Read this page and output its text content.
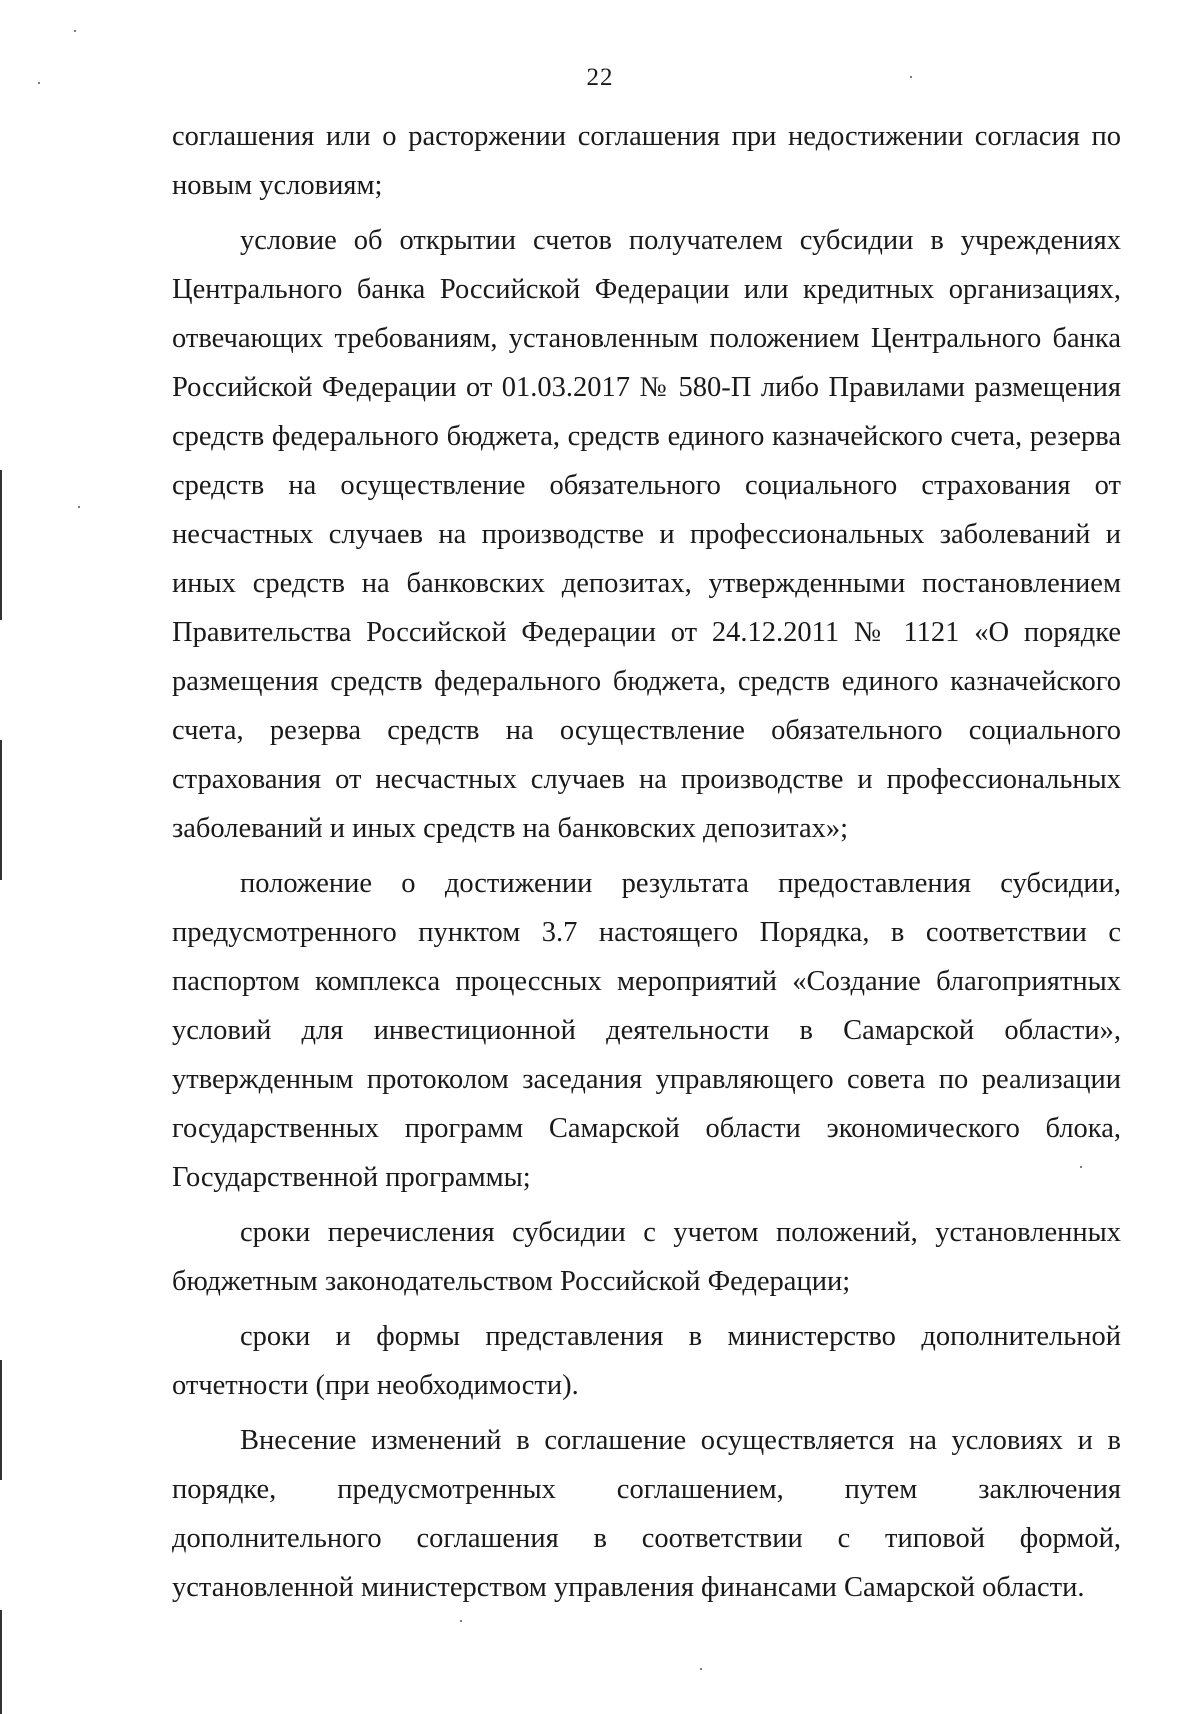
22

соглашения или о расторжении соглашения при недостижении согласия по новым условиям;

условие об открытии счетов получателем субсидии в учреждениях Центрального банка Российской Федерации или кредитных организациях, отвечающих требованиям, установленным положением Центрального банка Российской Федерации от 01.03.2017 № 580-П либо Правилами размещения средств федерального бюджета, средств единого казначейского счета, резерва средств на осуществление обязательного социального страхования от несчастных случаев на производстве и профессиональных заболеваний и иных средств на банковских депозитах, утвержденными постановлением Правительства Российской Федерации от 24.12.2011 № 1121 «О порядке размещения средств федерального бюджета, средств единого казначейского счета, резерва средств на осуществление обязательного социального страхования от несчастных случаев на производстве и профессиональных заболеваний и иных средств на банковских депозитах»;

положение о достижении результата предоставления субсидии, предусмотренного пунктом 3.7 настоящего Порядка, в соответствии с паспортом комплекса процессных мероприятий «Создание благоприятных условий для инвестиционной деятельности в Самарской области», утвержденным протоколом заседания управляющего совета по реализации государственных программ Самарской области экономического блока, Государственной программы;

сроки перечисления субсидии с учетом положений, установленных бюджетным законодательством Российской Федерации;

сроки и формы представления в министерство дополнительной отчетности (при необходимости).

Внесение изменений в соглашение осуществляется на условиях и в порядке, предусмотренных соглашением, путем заключения дополнительного соглашения в соответствии с типовой формой, установленной министерством управления финансами Самарской области.
